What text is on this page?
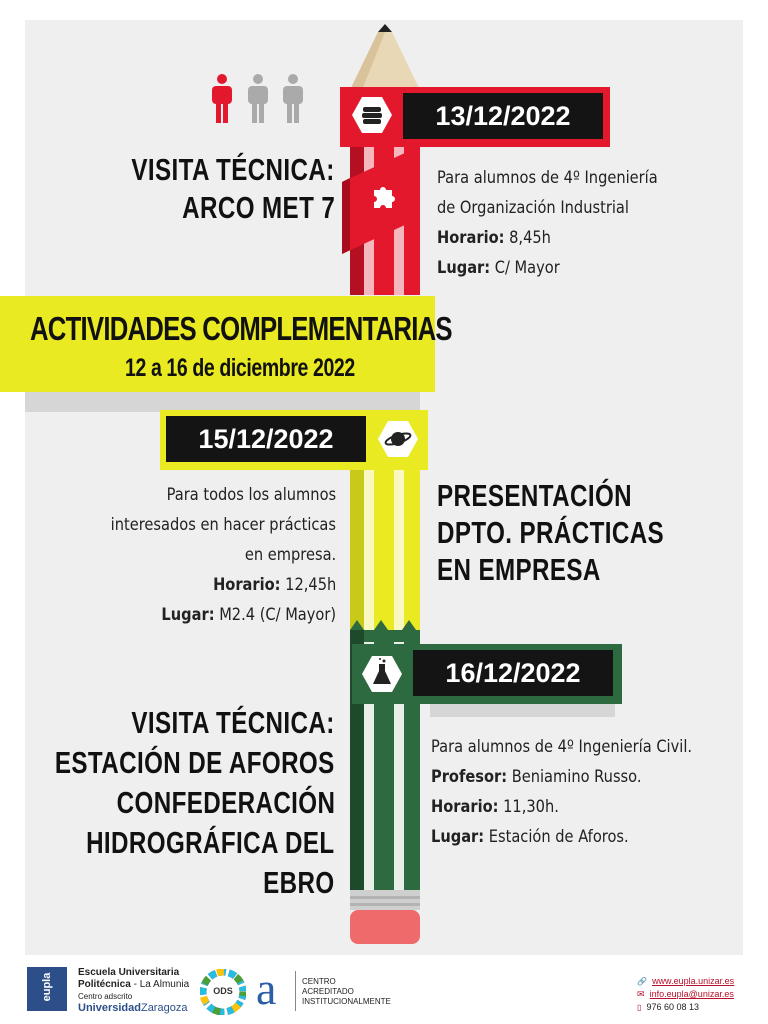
13/12/2022
VISITA TÉCNICA:
ARCO MET 7
Para alumnos de 4º Ingeniería
de Organización Industrial
Horario: 8,45h
Lugar: C/ Mayor
ACTIVIDADES COMPLEMENTARIAS
12 a 16 de diciembre 2022
15/12/2022
Para todos los alumnos
interesados en hacer prácticas
en empresa.
Horario: 12,45h
Lugar: M2.4 (C/ Mayor)
PRESENTACIÓN
DPTO. PRÁCTICAS
EN EMPRESA
16/12/2022
VISITA TÉCNICA:
ESTACIÓN DE AFOROS
CONFEDERACIÓN
HIDROGRÁFICA DEL
EBRO
Para alumnos de 4º Ingeniería Civil.
Profesor: Beniamino Russo.
Horario: 11,30h.
Lugar: Estación de Aforos.
eupla
Escuela Universitaria
Politécnica - La Almunia
Centro adscrito
UniversidadZaragoza
ODS a	CENTRO
ACREDITADO
INSTITUCIONALMENTE
🔗 www.eupla.unizar.es
✉ info.eupla@unizar.es
▯ 976 60 08 13
